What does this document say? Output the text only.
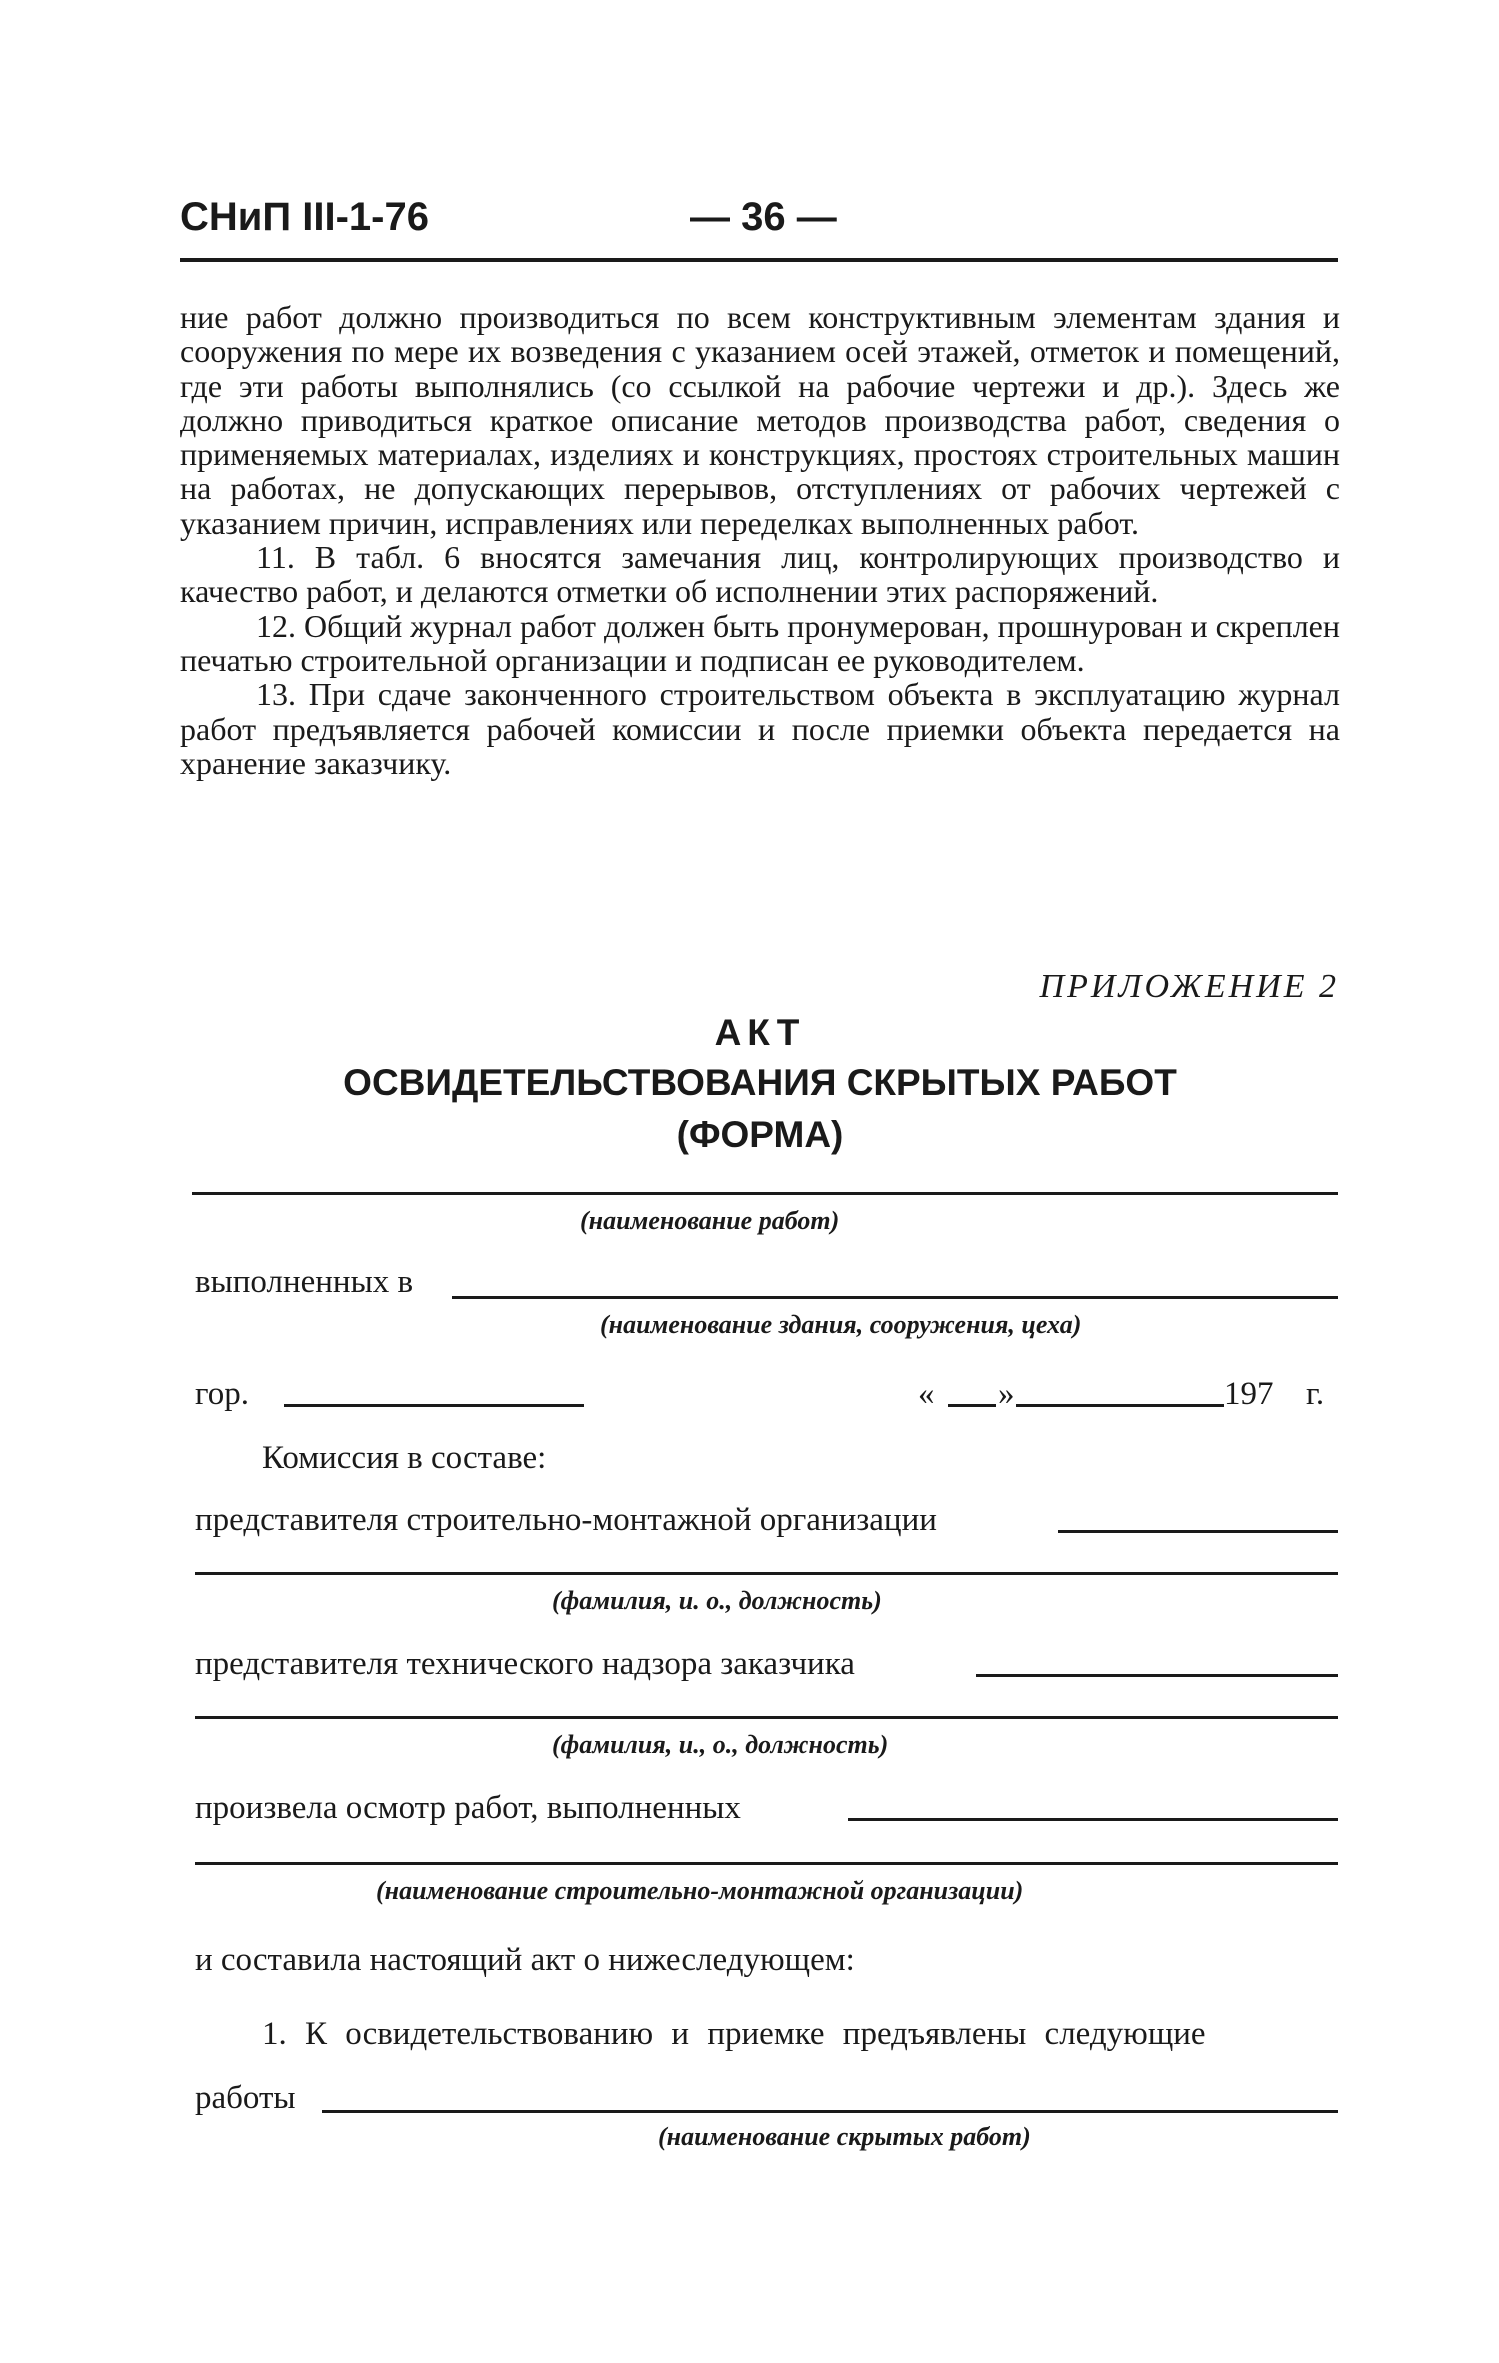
СНиП III-1-76	— 36 —

ние работ должно производиться по всем конструктивным элементам здания и сооружения по мере их возведения с указанием осей этажей, отметок и помещений, где эти работы выполнялись (со ссылкой на рабочие чертежи и др.). Здесь же должно приводиться краткое описание методов производства работ, сведения о применяемых материалах, изделиях и конструкциях, простоях строительных машин на работах, не допускающих перерывов, отступлениях от рабочих чертежей с указанием причин, исправлениях или переделках выполненных работ.

11. В табл. 6 вносятся замечания лиц, контролирующих производство и качество работ, и делаются отметки об исполнении этих распоряжений.

12. Общий журнал работ должен быть пронумерован, прошнурован и скреплен печатью строительной организации и подписан ее руководителем.

13. При сдаче законченного строительством объекта в эксплуатацию журнал работ предъявляется рабочей комиссии и после приемки объекта передается на хранение заказчику.

ПРИЛОЖЕНИЕ 2
АКТ
ОСВИДЕТЕЛЬСТВОВАНИЯ СКРЫТЫХ РАБОТ
(ФОРМА)
(наименование работ)
выполненных в
(наименование здания, сооружения, цеха)
гор.	« »	197 г.
Комиссия в составе:
представителя строительно-монтажной организации
(фамилия, и. о., должность)
представителя технического надзора заказчика
(фамилия, и., о., должность)
произвела осмотр работ, выполненных
(наименование строительно-монтажной организации)
и составила настоящий акт о нижеследующем:
1. К освидетельствованию и приемке предъявлены следующие
работы
(наименование скрытых работ)
